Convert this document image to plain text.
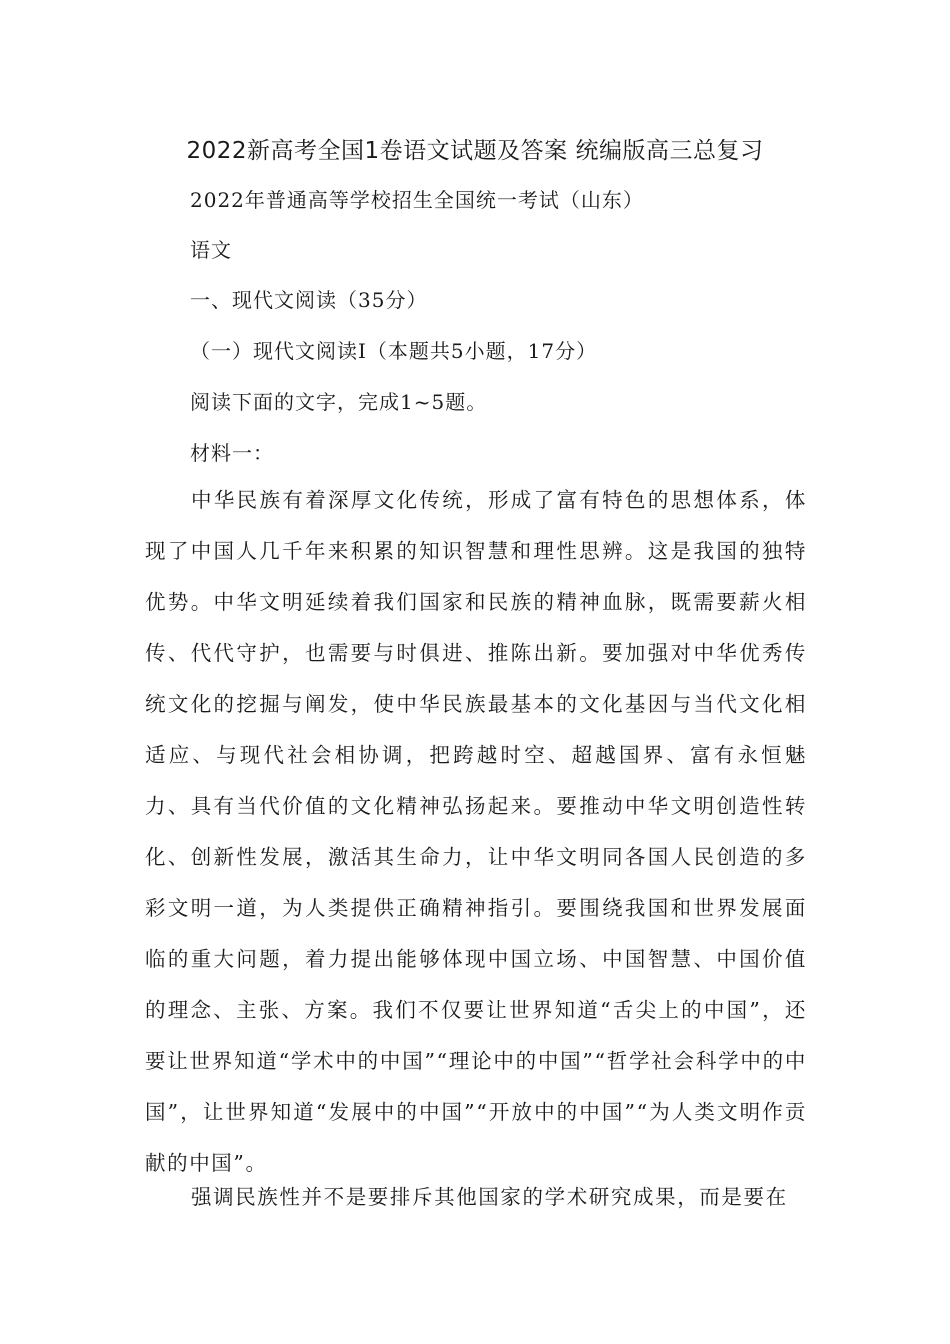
2022新高考全国1卷语文试题及答案 统编版高三总复习
2022年普通高等学校招生全国统一考试（山东）
语文
一、现代文阅读（35分）
（一）现代文阅读Ⅰ（本题共5小题，17分）
阅读下面的文字，完成1~5题。
材料一：
中华民族有着深厚文化传统，形成了富有特色的思想体系，体现了中国人几千年来积累的知识智慧和理性思辨。这是我国的独特优势。中华文明延续着我们国家和民族的精神血脉，既需要薪火相传、代代守护，也需要与时俱进、推陈出新。要加强对中华优秀传统文化的挖掘与阐发，使中华民族最基本的文化基因与当代文化相适应、与现代社会相协调，把跨越时空、超越国界、富有永恒魅力、具有当代价值的文化精神弘扬起来。要推动中华文明创造性转化、创新性发展，激活其生命力，让中华文明同各国人民创造的多彩文明一道，为人类提供正确精神指引。要围绕我国和世界发展面临的重大问题，着力提出能够体现中国立场、中国智慧、中国价值的理念、主张、方案。我们不仅要让世界知道“舌尖上的中国”，还要让世界知道“学术中的中国”“理论中的中国”“哲学社会科学中的中国”，让世界知道“发展中的中国”“开放中的中国”“为人类文明作贡献的中国”。
强调民族性并不是要排斥其他国家的学术研究成果，而是要在
